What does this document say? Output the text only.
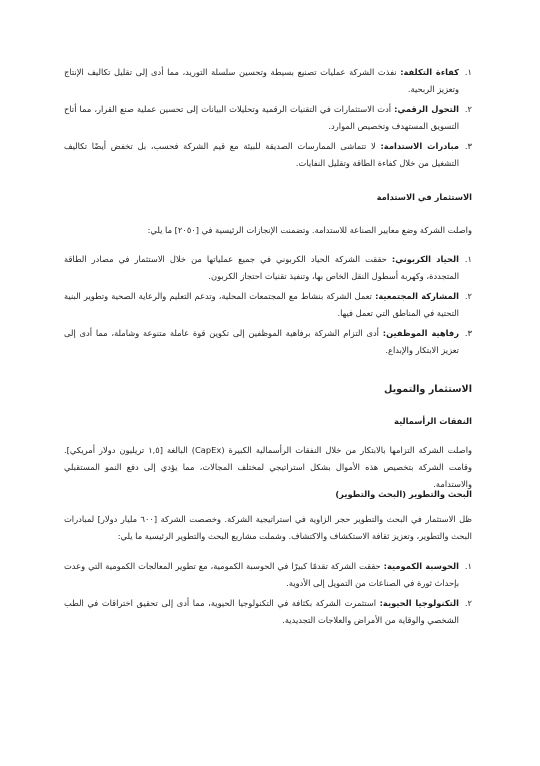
١.
كفاءة التكلفة: نفذت الشركة عمليات تصنيع بسيطة وتحسين سلسلة التوريد، مما أدى إلى تقليل تكاليف الإنتاج وتعزيز الربحية.
٢.
التحول الرقمي: أدت الاستثمارات في التقنيات الرقمية وتحليلات البيانات إلى تحسين عملية صنع القرار، مما أتاح التسويق المستهدف وتخصيص الموارد.
٣.
مبادرات الاستدامة: لا تتماشى الممارسات الصديقة للبيئة مع قيم الشركة فحسب، بل تخفض أيضًا تكاليف التشغيل من خلال كفاءة الطاقة وتقليل النفايات.
الاستثمار في الاستدامة
واصلت الشركة وضع معايير الصناعة للاستدامة. وتضمنت الإنجازات الرئيسية في [٢٠٥٠] ما يلي:
١.
الحياد الكربوني: حققت الشركة الحياد الكربوني في جميع عملياتها من خلال الاستثمار في مصادر الطاقة المتجددة، وكهربة أسطول النقل الخاص بها، وتنفيذ تقنيات احتجاز الكربون.
٢.
المشاركة المجتمعية: تعمل الشركة بنشاط مع المجتمعات المحلية، وتدعم التعليم والرعاية الصحية وتطوير البنية التحتية في المناطق التي تعمل فيها.
٣.
رفاهية الموظفين: أدى التزام الشركة برفاهية الموظفين إلى تكوين قوة عاملة متنوعة وشاملة، مما أدى إلى تعزيز الابتكار والإبداع.
الاستثمار والتمويل
النفقات الرأسمالية
واصلت الشركة التزامها بالابتكار من خلال النفقات الرأسمالية الكبيرة (CapEx) البالغة [١,٥ تريليون دولار أمريكي]. وقامت الشركة بتخصيص هذه الأموال بشكل استراتيجي لمختلف المجالات، مما يؤدي إلى دفع النمو المستقبلي والاستدامة.
البحث والتطوير (البحث والتطوير)
ظل الاستثمار في البحث والتطوير حجر الزاوية في استراتيجية الشركة. وخصصت الشركة [٦٠٠ مليار دولار] لمبادرات البحث والتطوير، وتعزيز ثقافة الاستكشاف والاكتشاف. وشملت مشاريع البحث والتطوير الرئيسية ما يلي:
١.
الحوسبة الكمومية: حققت الشركة تقدمًا كبيرًا في الحوسبة الكمومية، مع تطوير المعالجات الكمومية التي وعدت بإحداث ثورة في الصناعات من التمويل إلى الأدوية.
٢.
التكنولوجيا الحيوية: استثمرت الشركة بكثافة في التكنولوجيا الحيوية، مما أدى إلى تحقيق اختراقات في الطب الشخصي والوقاية من الأمراض والعلاجات التجديدية.
